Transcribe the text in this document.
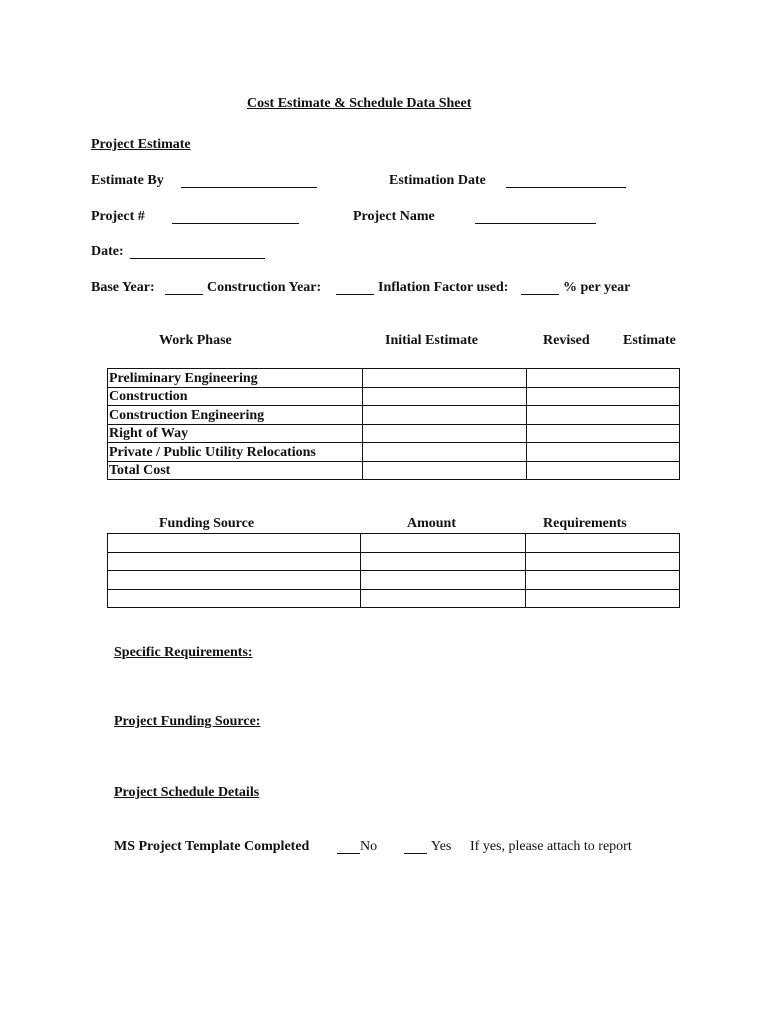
Cost Estimate & Schedule Data Sheet
Project Estimate
Estimate By	Estimation Date
Project #	Project Name
Date:
Base Year:	Construction Year:	Inflation Factor used:	% per year
Work Phase	Initial Estimate	Revised Estimate
Preliminary Engineering		
Construction		
Construction Engineering		
Right of Way		
Private / Public Utility Relocations		
Total Cost		
Funding Source	Amount	Requirements

Specific Requirements:
Project Funding Source:
Project Schedule Details
MS Project Template Completed	No	Yes If yes, please attach to report
